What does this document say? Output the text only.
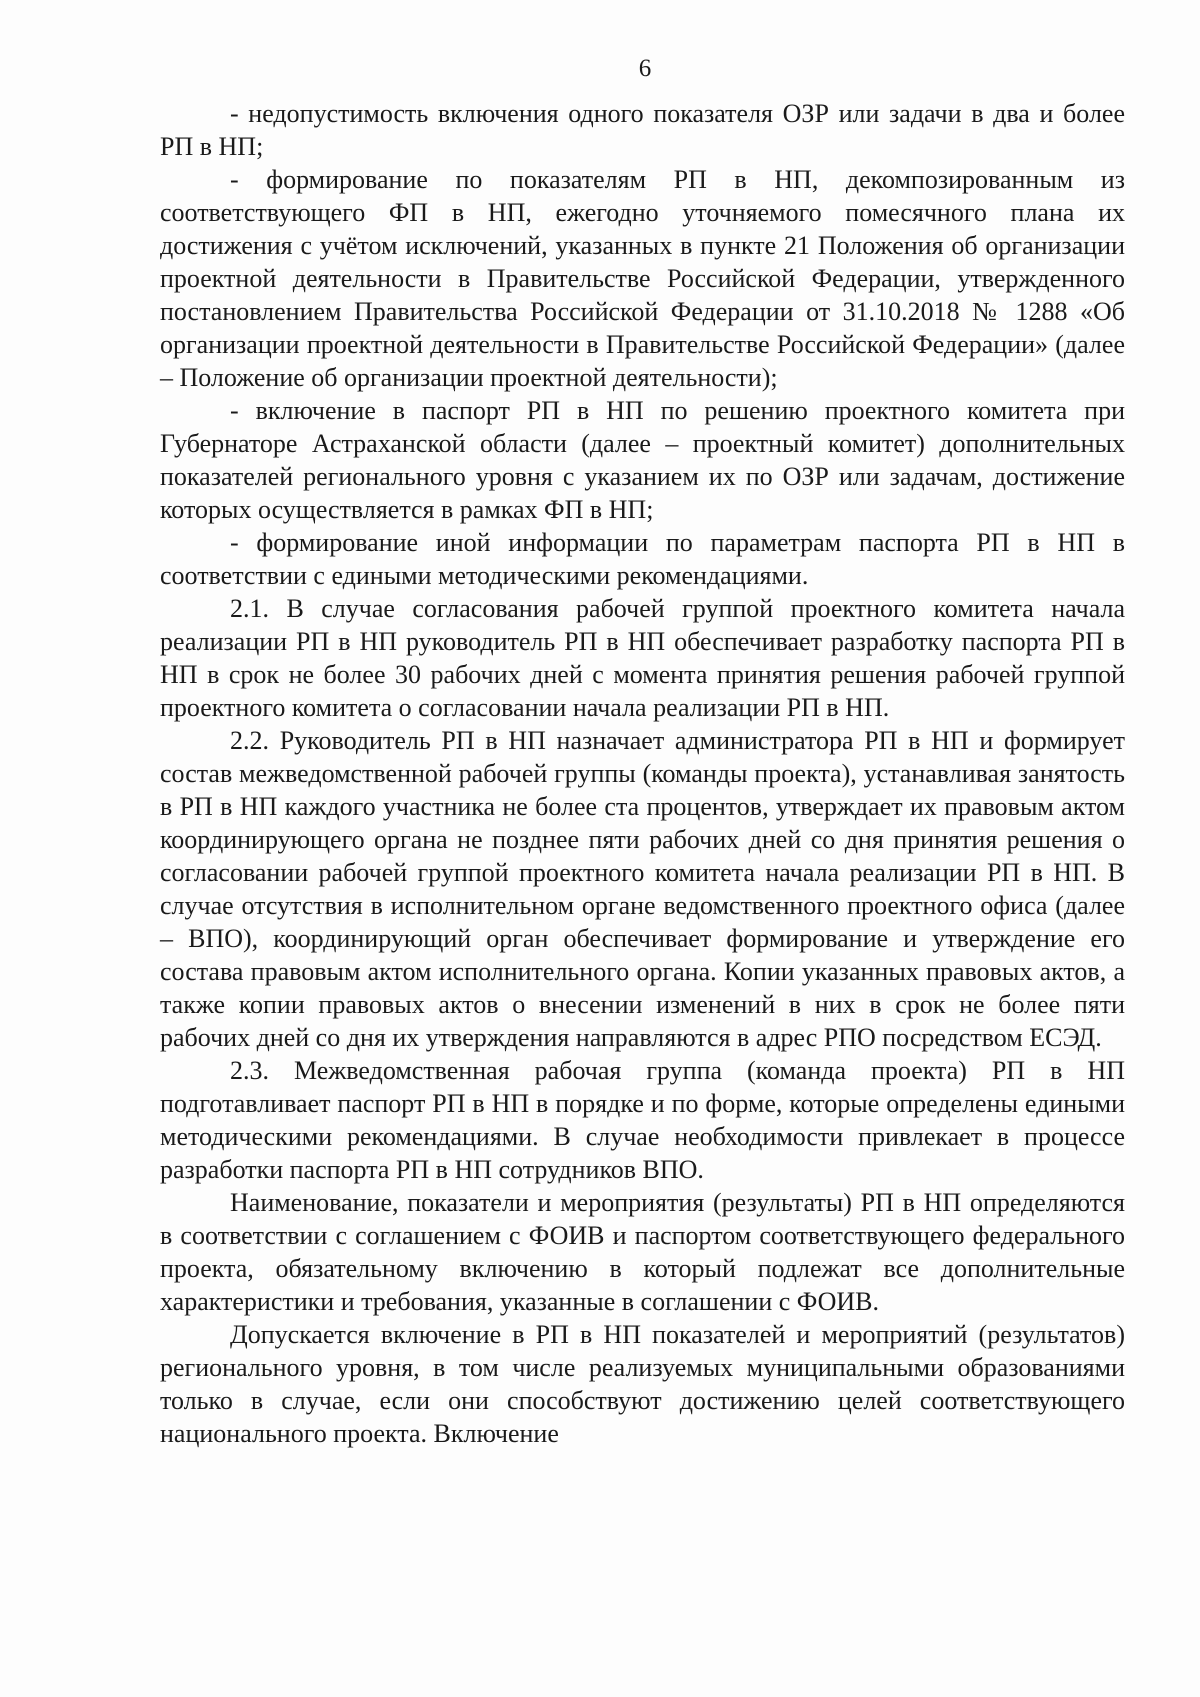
6

- недопустимость включения одного показателя ОЗР или задачи в два и более РП в НП;

- формирование по показателям РП в НП, декомпозированным из соответствующего ФП в НП, ежегодно уточняемого помесячного плана их достижения с учётом исключений, указанных в пункте 21 Положения об организации проектной деятельности в Правительстве Российской Федерации, утвержденного постановлением Правительства Российской Федерации от 31.10.2018 № 1288 «Об организации проектной деятельности в Правительстве Российской Федерации» (далее – Положение об организации проектной деятельности);

- включение в паспорт РП в НП по решению проектного комитета при Губернаторе Астраханской области (далее – проектный комитет) дополнительных показателей регионального уровня с указанием их по ОЗР или задачам, достижение которых осуществляется в рамках ФП в НП;

- формирование иной информации по параметрам паспорта РП в НП в соответствии с едиными методическими рекомендациями.

2.1. В случае согласования рабочей группой проектного комитета начала реализации РП в НП руководитель РП в НП обеспечивает разработку паспорта РП в НП в срок не более 30 рабочих дней с момента принятия решения рабочей группой проектного комитета о согласовании начала реализации РП в НП.

2.2. Руководитель РП в НП назначает администратора РП в НП и формирует состав межведомственной рабочей группы (команды проекта), устанавливая занятость в РП в НП каждого участника не более ста процентов, утверждает их правовым актом координирующего органа не позднее пяти рабочих дней со дня принятия решения о согласовании рабочей группой проектного комитета начала реализации РП в НП. В случае отсутствия в исполнительном органе ведомственного проектного офиса (далее – ВПО), координирующий орган обеспечивает формирование и утверждение его состава правовым актом исполнительного органа. Копии указанных правовых актов, а также копии правовых актов о внесении изменений в них в срок не более пяти рабочих дней со дня их утверждения направляются в адрес РПО посредством ЕСЭД.

2.3. Межведомственная рабочая группа (команда проекта) РП в НП подготавливает паспорт РП в НП в порядке и по форме, которые определены едиными методическими рекомендациями. В случае необходимости привлекает в процессе разработки паспорта РП в НП сотрудников ВПО.

Наименование, показатели и мероприятия (результаты) РП в НП определяются в соответствии с соглашением с ФОИВ и паспортом соответствующего федерального проекта, обязательному включению в который подлежат все дополнительные характеристики и требования, указанные в соглашении с ФОИВ.

Допускается включение в РП в НП показателей и мероприятий (результатов) регионального уровня, в том числе реализуемых муниципальными образованиями только в случае, если они способствуют достижению целей соответствующего национального проекта. Включение
